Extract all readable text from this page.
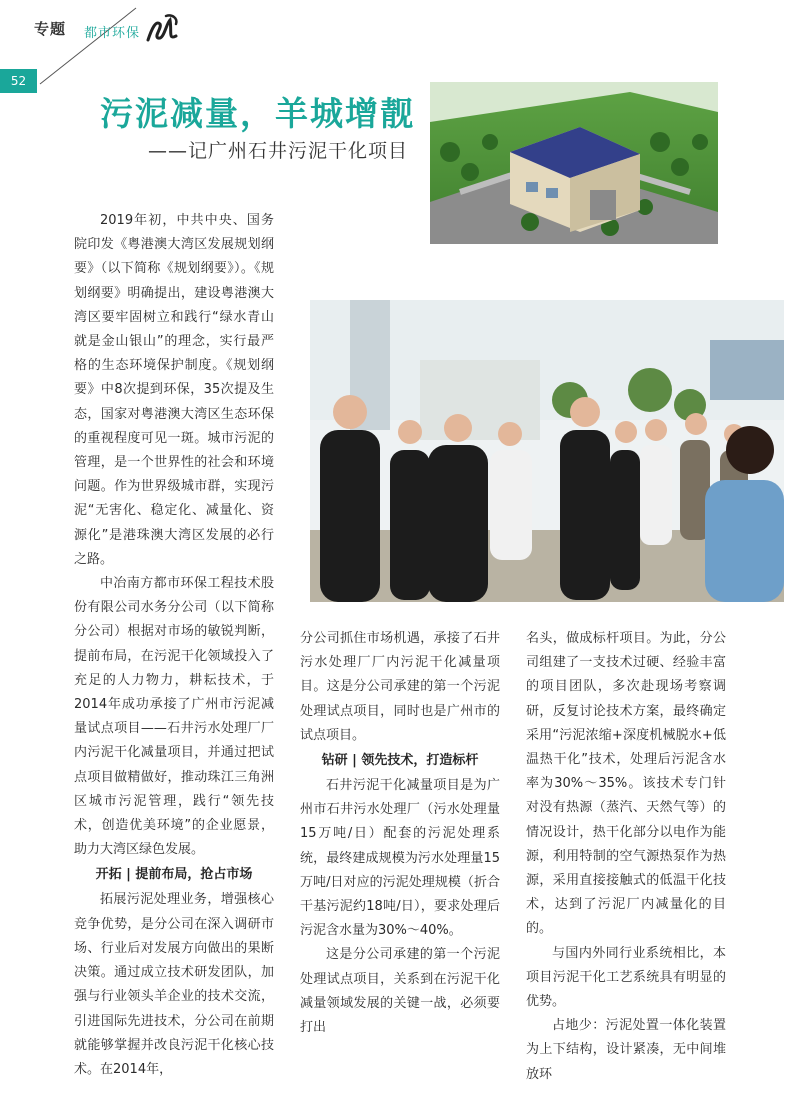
专题 都市环保
52
污泥减量，羊城增靓
——记广州石井污泥干化项目

2019年初，中共中央、国务院印发《粤港澳大湾区发展规划纲要》（以下简称《规划纲要》）。《规划纲要》明确提出，建设粤港澳大湾区要牢固树立和践行“绿水青山就是金山银山”的理念，实行最严格的生态环境保护制度。《规划纲要》中8次提到环保，35次提及生态，国家对粤港澳大湾区生态环保的重视程度可见一斑。城市污泥的管理，是一个世界性的社会和环境问题。作为世界级城市群，实现污泥“无害化、稳定化、减量化、资源化”是港珠澳大湾区发展的必行之路。

中冶南方都市环保工程技术股份有限公司水务分公司（以下简称分公司）根据对市场的敏锐判断，提前布局，在污泥干化领域投入了充足的人力物力，耕耘技术，于2014年成功承接了广州市污泥减量试点项目——石井污水处理厂厂内污泥干化减量项目，并通过把试点项目做精做好，推动珠江三角洲区城市污泥管理，践行“领先技术，创造优美环境”的企业愿景，助力大湾区绿色发展。

开拓 | 提前布局，抢占市场

拓展污泥处理业务，增强核心竞争优势，是分公司在深入调研市场、行业后对发展方向做出的果断决策。通过成立技术研发团队，加强与行业领头羊企业的技术交流，引进国际先进技术，分公司在前期就能够掌握并改良污泥干化核心技术。在2014年，

分公司抓住市场机遇，承接了石井污水处理厂厂内污泥干化减量项目。这是分公司承建的第一个污泥处理试点项目，同时也是广州市的试点项目。

钻研 | 领先技术，打造标杆

石井污泥干化减量项目是为广州市石井污水处理厂（污水处理量15万吨/日）配套的污泥处理系统，最终建成规模为污水处理量15万吨/日对应的污泥处理规模（折合干基污泥约18吨/日），要求处理后污泥含水量为30%～40%。

这是分公司承建的第一个污泥处理试点项目，关系到在污泥干化减量领域发展的关键一战，必须要打出

名头，做成标杆项目。为此，分公司组建了一支技术过硬、经验丰富的项目团队，多次赴现场考察调研，反复讨论技术方案，最终确定采用“污泥浓缩+深度机械脱水+低温热干化”技术，处理后污泥含水率为30%～35%。该技术专门针对没有热源（蒸汽、天然气等）的情况设计，热干化部分以电作为能源，利用特制的空气源热泵作为热源，采用直接接触式的低温干化技术，达到了污泥厂内减量化的目的。

与国内外同行业系统相比，本项目污泥干化工艺系统具有明显的优势。

占地少：污泥处置一体化装置为上下结构，设计紧凑，无中间堆放环
